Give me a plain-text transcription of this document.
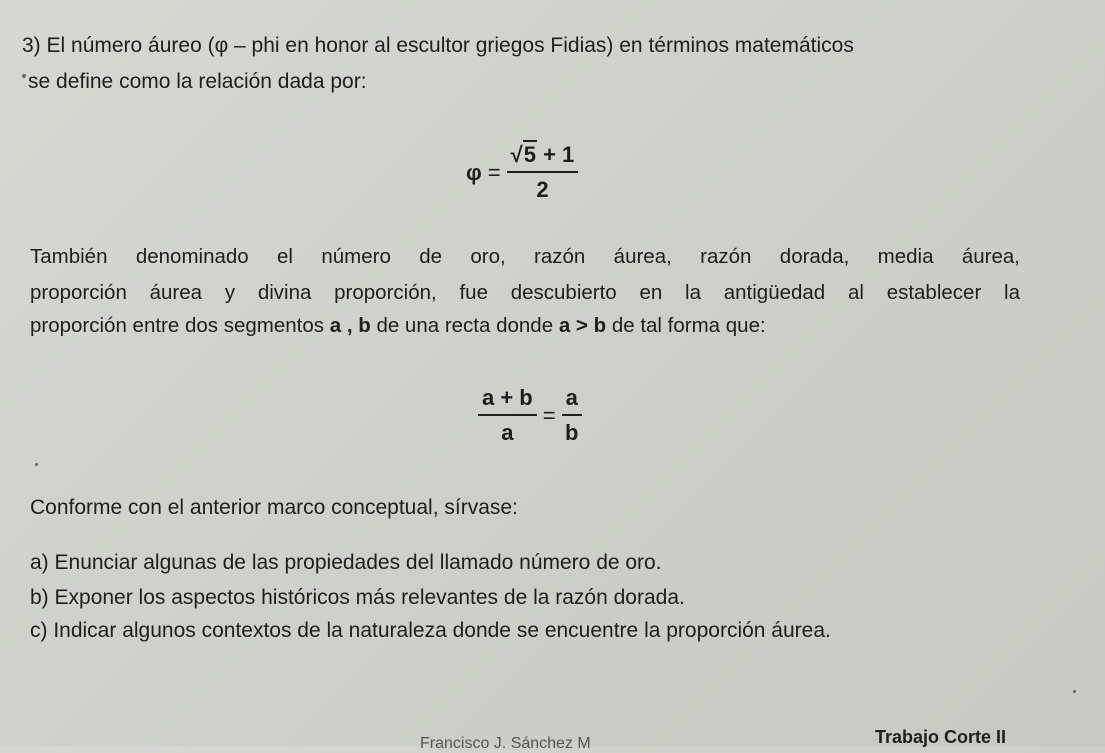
3) El número áureo (φ – phi en honor al escultor griegos Fidias) en términos matemáticos
se define como la relación dada por:
$\varphi = \frac{√5 + 1}{2}$
También denominado el número de oro, razón áurea, razón dorada, media áurea,
proporción áurea y divina proporción, fue descubierto en la antigüedad al establecer la
proporción entre dos segmentos a , b de una recta donde a > b de tal forma que:
$\frac{a + b}{a} = \frac{a}{b}$
Conforme con el anterior marco conceptual, sírvase:
a) Enunciar algunas de las propiedades del llamado número de oro.
b) Exponer los aspectos históricos más relevantes de la razón dorada.
c) Indicar algunos contextos de la naturaleza donde se encuentre la proporción áurea.
Francisco J. Sánchez M	Trabajo Corte II
